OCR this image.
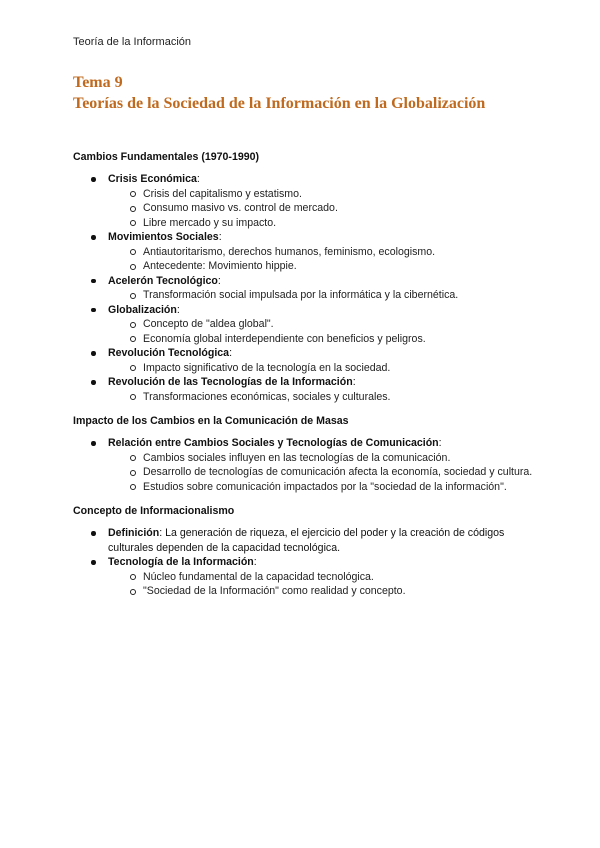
Teoría de la Información
Tema 9
Teorías de la Sociedad de la Información en la Globalización

Cambios Fundamentales (1970-1990)

Crisis Económica:
Crisis del capitalismo y estatismo.
Consumo masivo vs. control de mercado.
Libre mercado y su impacto.
Movimientos Sociales:
Antiautoritarismo, derechos humanos, feminismo, ecologismo.
Antecedente: Movimiento hippie.
Acelerón Tecnológico:
Transformación social impulsada por la informática y la cibernética.
Globalización:
Concepto de "aldea global".
Economía global interdependiente con beneficios y peligros.
Revolución Tecnológica:
Impacto significativo de la tecnología en la sociedad.
Revolución de las Tecnologías de la Información:
Transformaciones económicas, sociales y culturales.

Impacto de los Cambios en la Comunicación de Masas

Relación entre Cambios Sociales y Tecnologías de Comunicación:
Cambios sociales influyen en las tecnologías de la comunicación.
Desarrollo de tecnologías de comunicación afecta la economía, sociedad y cultura.
Estudios sobre comunicación impactados por la "sociedad de la información".

Concepto de Informacionalismo

Definición: La generación de riqueza, el ejercicio del poder y la creación de códigos culturales dependen de la capacidad tecnológica.
Tecnología de la Información:
Núcleo fundamental de la capacidad tecnológica.
"Sociedad de la Información" como realidad y concepto.
